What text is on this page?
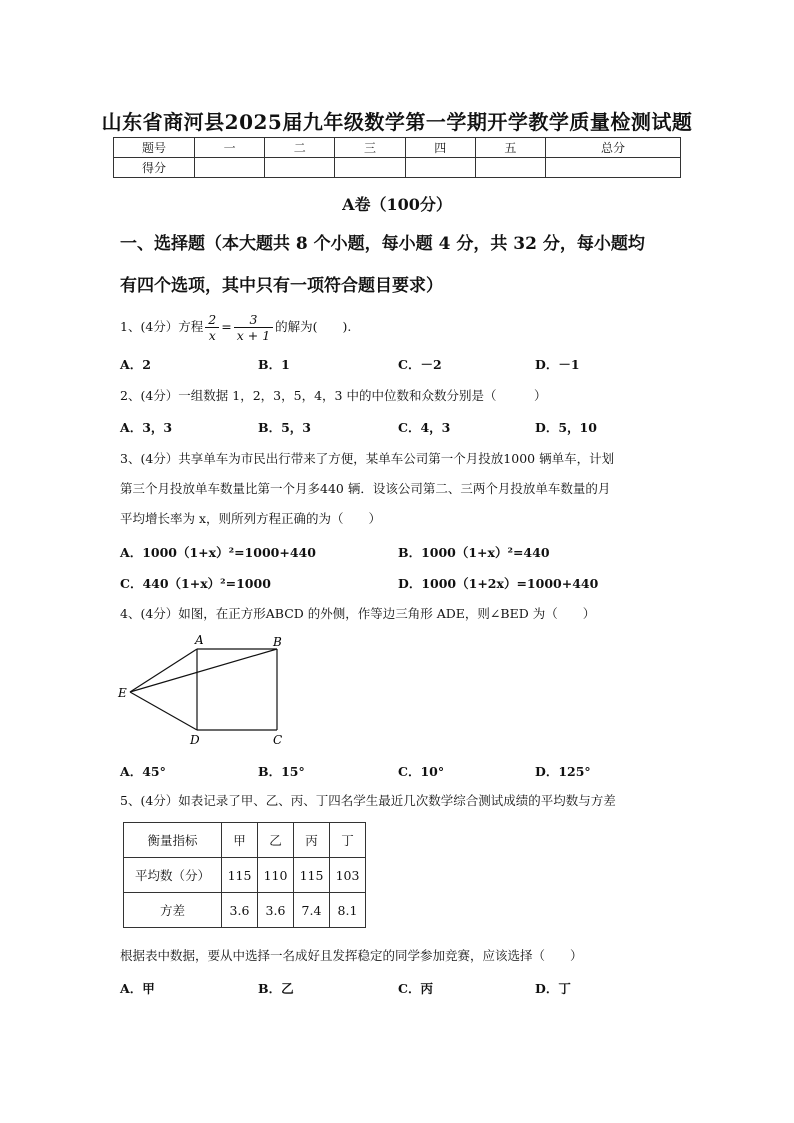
山东省商河县2025届九年级数学第一学期开学教学质量检测试题
题号	一	二	三	四	五	总分
得分						
A卷（100分）
一、选择题（本大题共 8 个小题，每小题 4 分，共 32 分，每小题均
有四个选项，其中只有一项符合题目要求）
1、(4分）方程 $\frac{2}{x} = \frac{3}{x + 1}$ 的解为(　　).
A．2	B．1	C．－2	D．－1
2、(4分）一组数据 1，2，3，5，4，3 中的中位数和众数分别是（　　　）
A．3，3	B．5，3	C．4，3	D．5，10
3、(4分）共享单车为市民出行带来了方便，某单车公司第一个月投放1000 辆单车，计划
第三个月投放单车数量比第一个月多440 辆．设该公司第二、三两个月投放单车数量的月
平均增长率为 x，则所列方程正确的为（　　）
A．1000（1+x）²=1000+440	B．1000（1+x）²=440
C．440（1+x）²=1000	D．1000（1+2x）=1000+440
4、(4分）如图，在正方形ABCD 的外侧，作等边三角形 ADE，则∠BED 为（　　）
A	B
C
D
E
A．45°	B．15°	C．10°	D．125°
5、(4分）如表记录了甲、乙、丙、丁四名学生最近几次数学综合测试成绩的平均数与方差
衡量指标	甲	乙	丙	丁
平均数（分）	115	110	115	103
方差	3.6	3.6	7.4	8.1
根据表中数据，要从中选择一名成好且发挥稳定的同学参加竞赛，应该选择（　　）
A．甲	B．乙	C．丙	D．丁
